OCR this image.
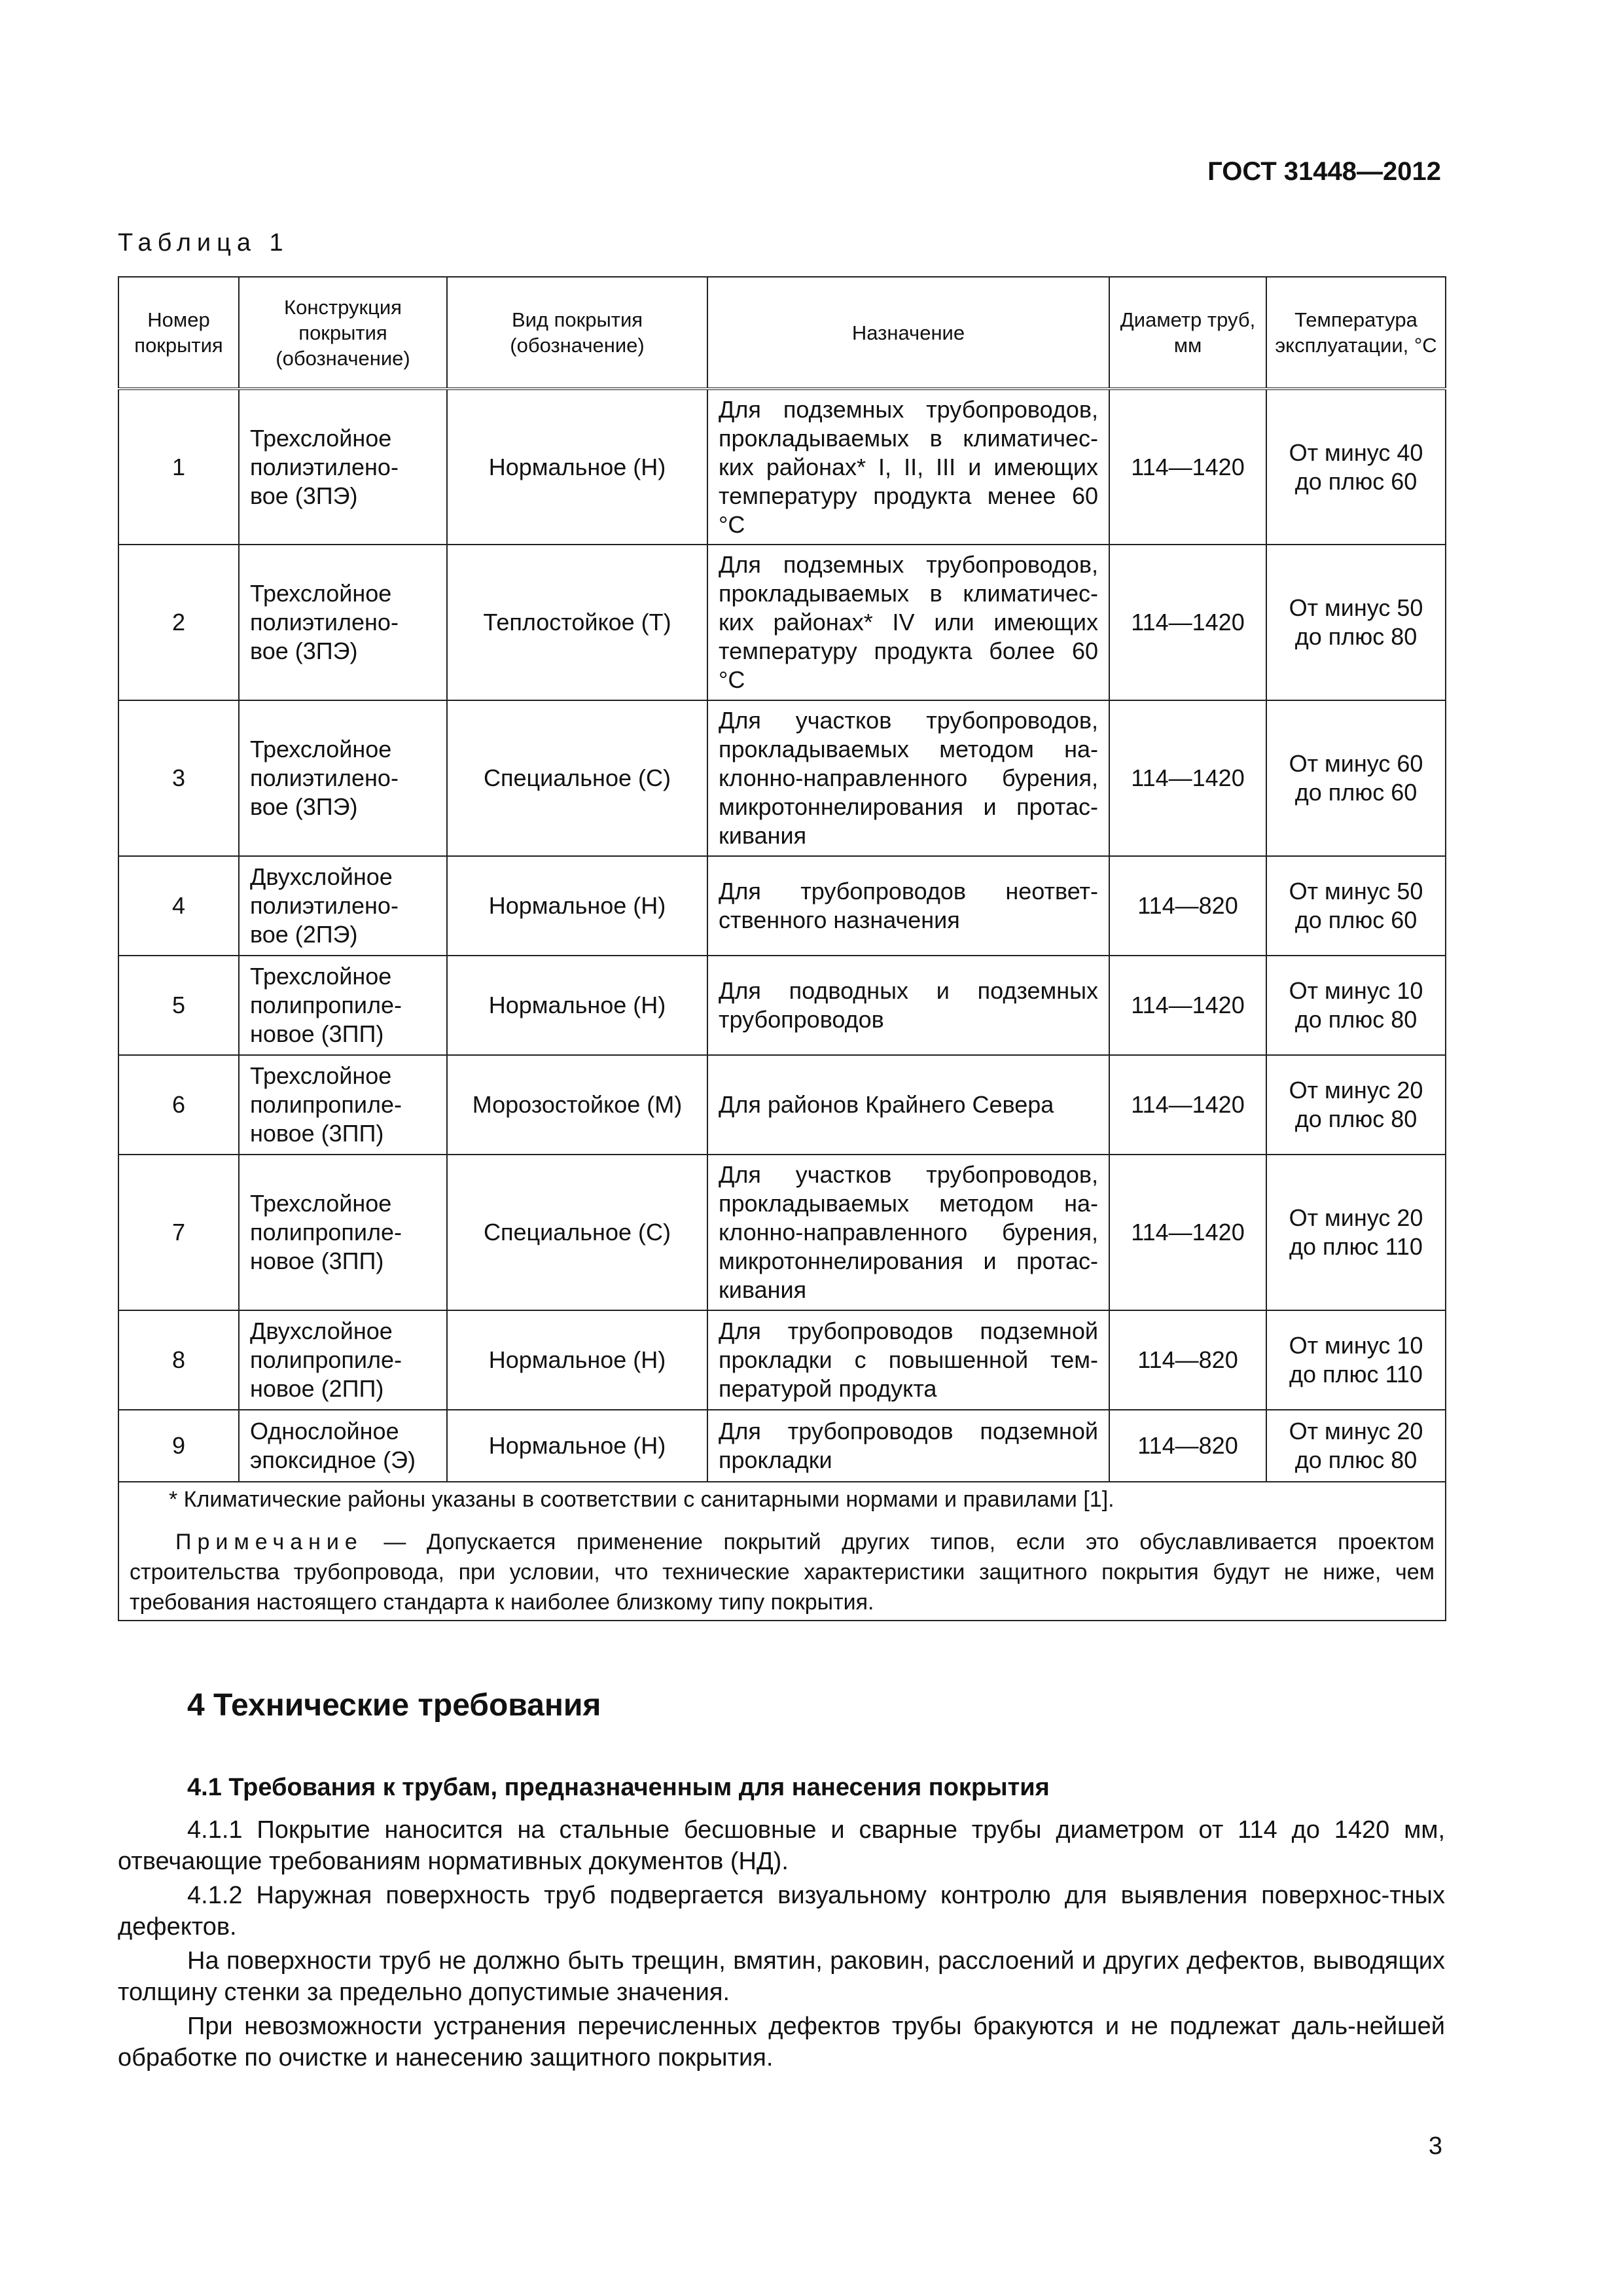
ГОСТ 31448—2012
Таблица 1
Номер покрытия	Конструкция покрытия (обозначение)	Вид покрытия (обозначение)	Назначение	Диаметр труб, мм	Температура эксплуатации, °С
1	Трехслойное полиэтилено-вое (3ПЭ)	Нормальное (Н)	Для подземных трубопроводов, прокладываемых в климатичес-ких районах* I, II, III и имеющих температуру продукта менее 60 °С	114—1420	От минус 40 до плюс 60
2	Трехслойное полиэтилено-вое (3ПЭ)	Теплостойкое (Т)	Для подземных трубопроводов, прокладываемых в климатичес-ких районах* IV или имеющих температуру продукта более 60 °С	114—1420	От минус 50 до плюс 80
3	Трехслойное полиэтилено-вое (3ПЭ)	Специальное (С)	Для участков трубопроводов, прокладываемых методом на-клонно-направленного бурения, микротоннелирования и протас-кивания	114—1420	От минус 60 до плюс 60
4	Двухслойное полиэтилено-вое (2ПЭ)	Нормальное (Н)	Для трубопроводов неответ-ственного назначения	114—820	От минус 50 до плюс 60
5	Трехслойное полипропиле-новое (3ПП)	Нормальное (Н)	Для подводных и подземных трубопроводов	114—1420	От минус 10 до плюс 80
6	Трехслойное полипропиле-новое (3ПП)	Морозостойкое (М)	Для районов Крайнего Севера	114—1420	От минус 20 до плюс 80
7	Трехслойное полипропиле-новое (3ПП)	Специальное (С)	Для участков трубопроводов, прокладываемых методом на-клонно-направленного бурения, микротоннелирования и протас-кивания	114—1420	От минус 20 до плюс 110
8	Двухслойное полипропиле-новое (2ПП)	Нормальное (Н)	Для трубопроводов подземной прокладки с повышенной тем-пературой продукта	114—820	От минус 10 до плюс 110
9	Однослойное эпоксидное (Э)	Нормальное (Н)	Для трубопроводов подземной прокладки	114—820	От минус 20 до плюс 80

* Климатические районы указаны в соответствии с санитарными нормами и правилами [1].
Примечание — Допускается применение покрытий других типов, если это обуславливается проектом строительства трубопровода, при условии, что технические характеристики защитного покрытия будут не ниже, чем требования настоящего стандарта к наиболее близкому типу покрытия.					
4 Технические требования
4.1 Требования к трубам, предназначенным для нанесения покрытия

4.1.1 Покрытие наносится на стальные бесшовные и сварные трубы диаметром от 114 до 1420 мм, отвечающие требованиям нормативных документов (НД).

4.1.2 Наружная поверхность труб подвергается визуальному контролю для выявления поверхнос-тных дефектов.

На поверхности труб не должно быть трещин, вмятин, раковин, расслоений и других дефектов, выводящих толщину стенки за предельно допустимые значения.

При невозможности устранения перечисленных дефектов трубы бракуются и не подлежат даль-нейшей обработке по очистке и нанесению защитного покрытия.

3
